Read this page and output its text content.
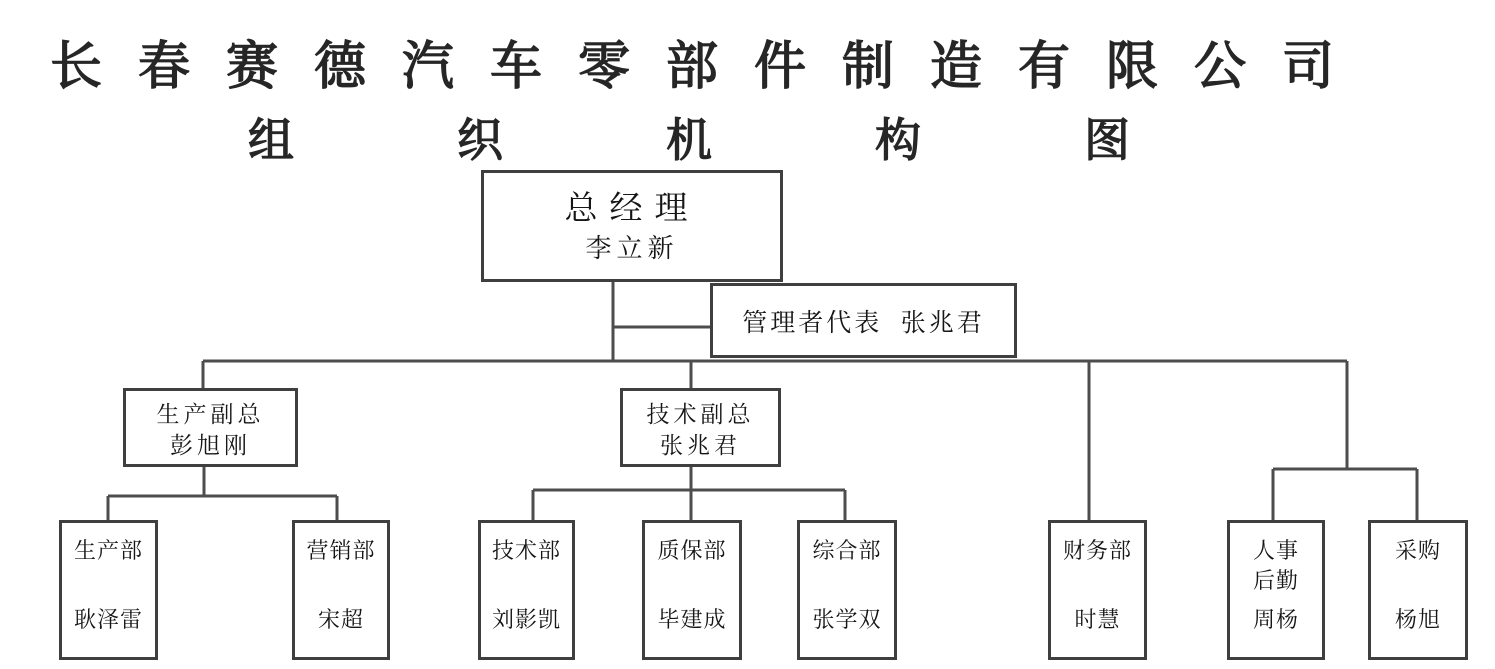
长春赛德汽车零部件制造有限公司
组织机构图
总经理
李立新
管理者代表  张兆君
生产副总
彭旭刚
技术副总
张兆君
生产部
耿泽雷
营销部
宋超
技术部
刘影凯
质保部
毕建成
综合部
张学双
财务部
时慧
人事
后勤
周杨
采购
杨旭
